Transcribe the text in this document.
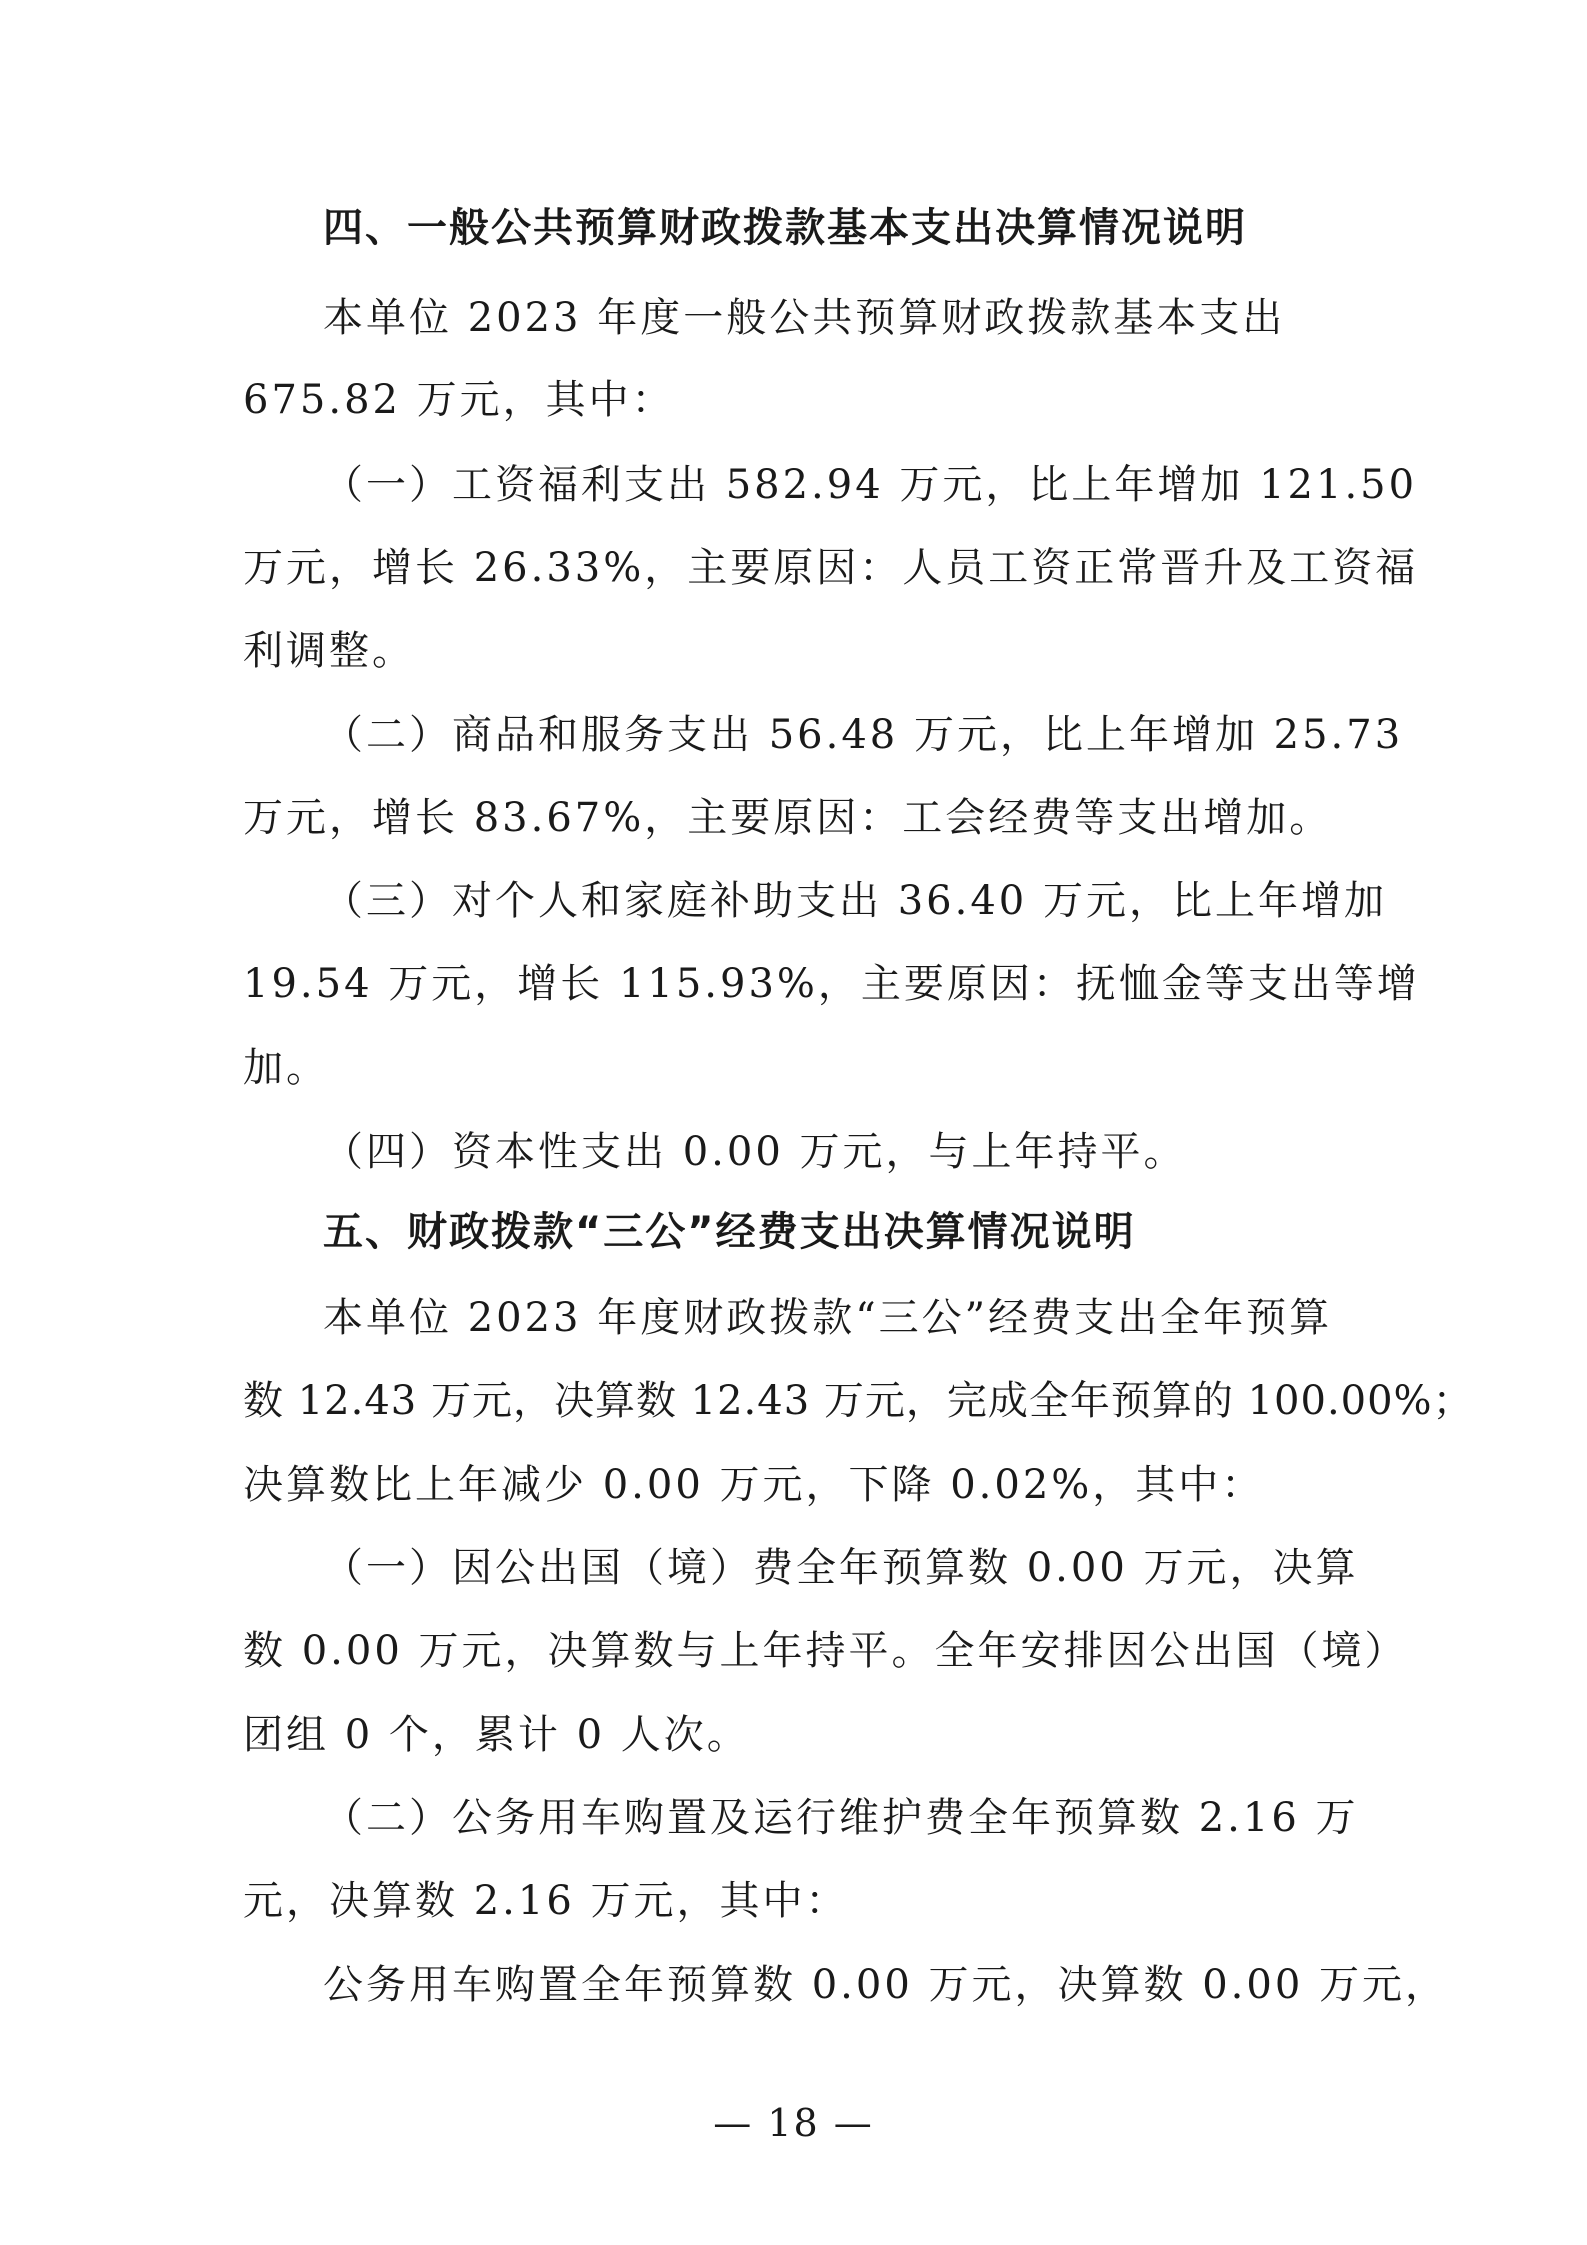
四、一般公共预算财政拨款基本支出决算情况说明
本单位 2023 年度一般公共预算财政拨款基本支出
675.82 万元，其中：
（一）工资福利支出 582.94 万元，比上年增加 121.50
万元，增长 26.33%，主要原因：人员工资正常晋升及工资福
利调整。
（二）商品和服务支出 56.48 万元，比上年增加 25.73
万元，增长 83.67%，主要原因：工会经费等支出增加。
（三）对个人和家庭补助支出 36.40 万元，比上年增加
19.54 万元，增长 115.93%，主要原因：抚恤金等支出等增
加。
（四）资本性支出 0.00 万元，与上年持平。
五、财政拨款“三公”经费支出决算情况说明
本单位 2023 年度财政拨款“三公”经费支出全年预算
数 12.43 万元，决算数 12.43 万元，完成全年预算的 100.00%；
决算数比上年减少 0.00 万元，下降 0.02%，其中：
（一）因公出国（境）费全年预算数 0.00 万元，决算
数 0.00 万元，决算数与上年持平。全年安排因公出国（境）
团组 0 个，累计 0 人次。
（二）公务用车购置及运行维护费全年预算数 2.16 万
元，决算数 2.16 万元，其中：
公务用车购置全年预算数 0.00 万元，决算数 0.00 万元，
— 18 —
